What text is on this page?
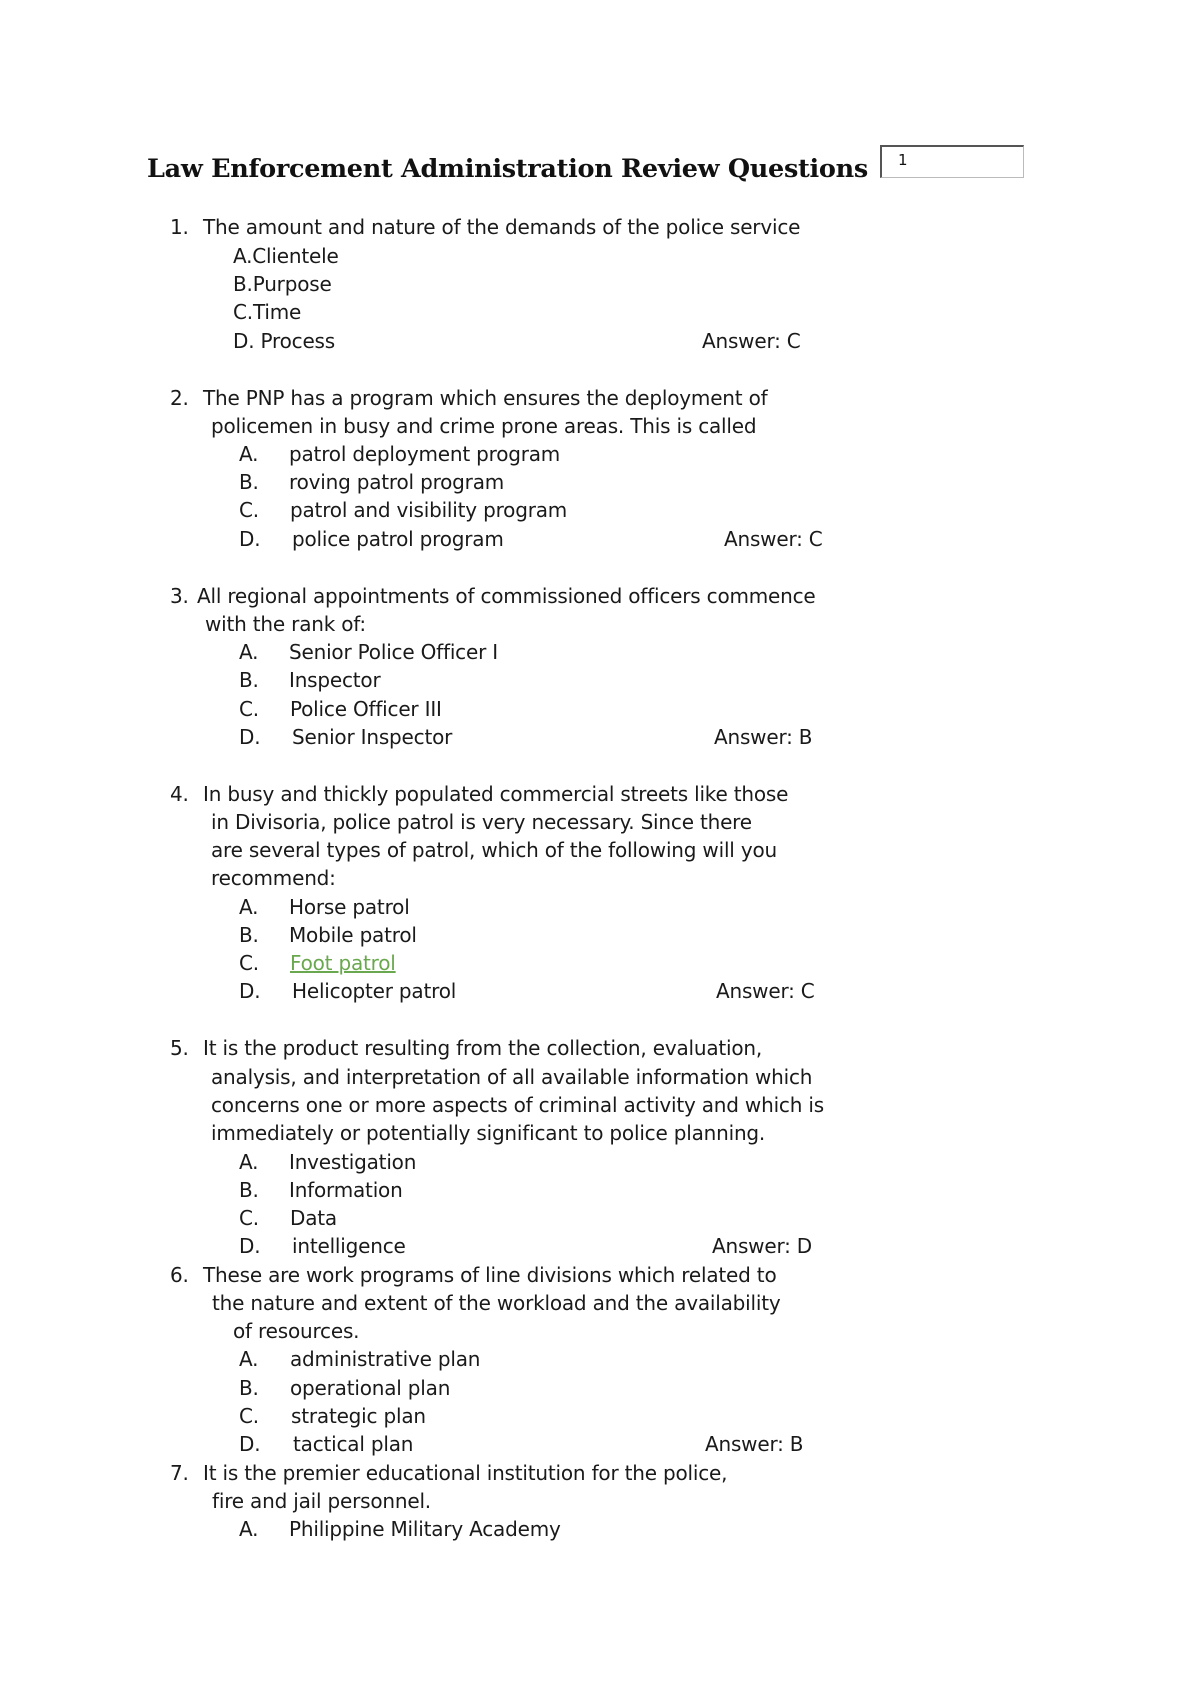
Law Enforcement Administration Review Questions 1
1. The amount and nature of the demands of the police service
A.Clientele
B.Purpose
C.Time
D. Process	Answer: C
2. The PNP has a program which ensures the deployment of
policemen in busy and crime prone areas. This is called
A. patrol deployment program
B. roving patrol program
C. patrol and visibility program
D. police patrol program	Answer: C
3. All regional appointments of commissioned officers commence
with the rank of:
A. Senior Police Officer I
B. Inspector
C. Police Officer III
D. Senior Inspector	Answer: B
4. In busy and thickly populated commercial streets like those
in Divisoria, police patrol is very necessary. Since there
are several types of patrol, which of the following will you
recommend:
A. Horse patrol
B. Mobile patrol
C. Foot patrol
D. Helicopter patrol	Answer: C
5. It is the product resulting from the collection, evaluation,
analysis, and interpretation of all available information which
concerns one or more aspects of criminal activity and which is
immediately or potentially significant to police planning.
A. Investigation
B. Information
C. Data
D. intelligence	Answer: D
6. These are work programs of line divisions which related to
the nature and extent of the workload and the availability
of resources.
A. administrative plan
B. operational plan
C. strategic plan
D. tactical plan	Answer: B
7. It is the premier educational institution for the police,
fire and jail personnel.
A. Philippine Military Academy
